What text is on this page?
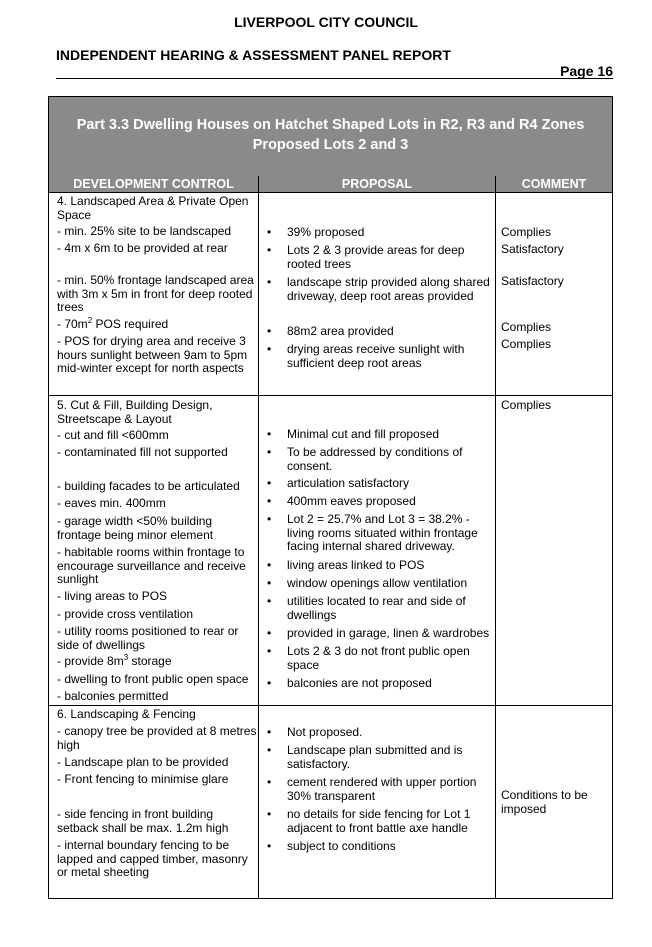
LIVERPOOL CITY COUNCIL
INDEPENDENT HEARING & ASSESSMENT PANEL REPORT
Page 16
Part 3.3 Dwelling Houses on Hatchet Shaped Lots in R2, R3 and R4 Zones
Proposed Lots 2 and 3
DEVELOPMENT CONTROL	PROPOSAL	COMMENT
4. Landscaped Area & Private Open Space
- min. 25% site to be landscaped
- 4m x 6m to be provided at rear
- min. 50% frontage landscaped area with 3m x 5m in front for deep rooted trees
- $70m^2$ POS required
- POS for drying area and receive 3 hours sunlight between 9am to 5pm mid-winter except for north aspects
• 39% proposed
• Lots 2 & 3 provide areas for deep rooted trees
• landscape strip provided along shared driveway, deep root areas provided
• 88m2 area provided
• drying areas receive sunlight with sufficient deep root areas
Complies
Satisfactory
Satisfactory
Complies
Complies
5. Cut & Fill, Building Design, Streetscape & Layout
- cut and fill <600mm
- contaminated fill not supported
- building facades to be articulated
- eaves min. 400mm
- garage width <50% building frontage being minor element
- habitable rooms within frontage to encourage surveillance and receive sunlight
- living areas to POS
- provide cross ventilation
- utility rooms positioned to rear or side of dwellings
- provide $8m^3$ storage
- dwelling to front public open space
- balconies permitted
• Minimal cut and fill proposed
• To be addressed by conditions of consent.
• articulation satisfactory
• 400mm eaves proposed
• Lot 2 = 25.7% and Lot 3 = 38.2% - living rooms situated within frontage facing internal shared driveway.
• living areas linked to POS
• window openings allow ventilation
• utilities located to rear and side of dwellings
• provided in garage, linen & wardrobes
• Lots 2 & 3 do not front public open space
• balconies are not proposed
Complies
6. Landscaping & Fencing
- canopy tree be provided at 8 metres high
- Landscape plan to be provided
- Front fencing to minimise glare
- side fencing in front building setback shall be max. 1.2m high
- internal boundary fencing to be lapped and capped timber, masonry or metal sheeting
• Not proposed.
• Landscape plan submitted and is satisfactory.
• cement rendered with upper portion 30% transparent
• no details for side fencing for Lot 1 adjacent to front battle axe handle
• subject to conditions
Conditions to be imposed
